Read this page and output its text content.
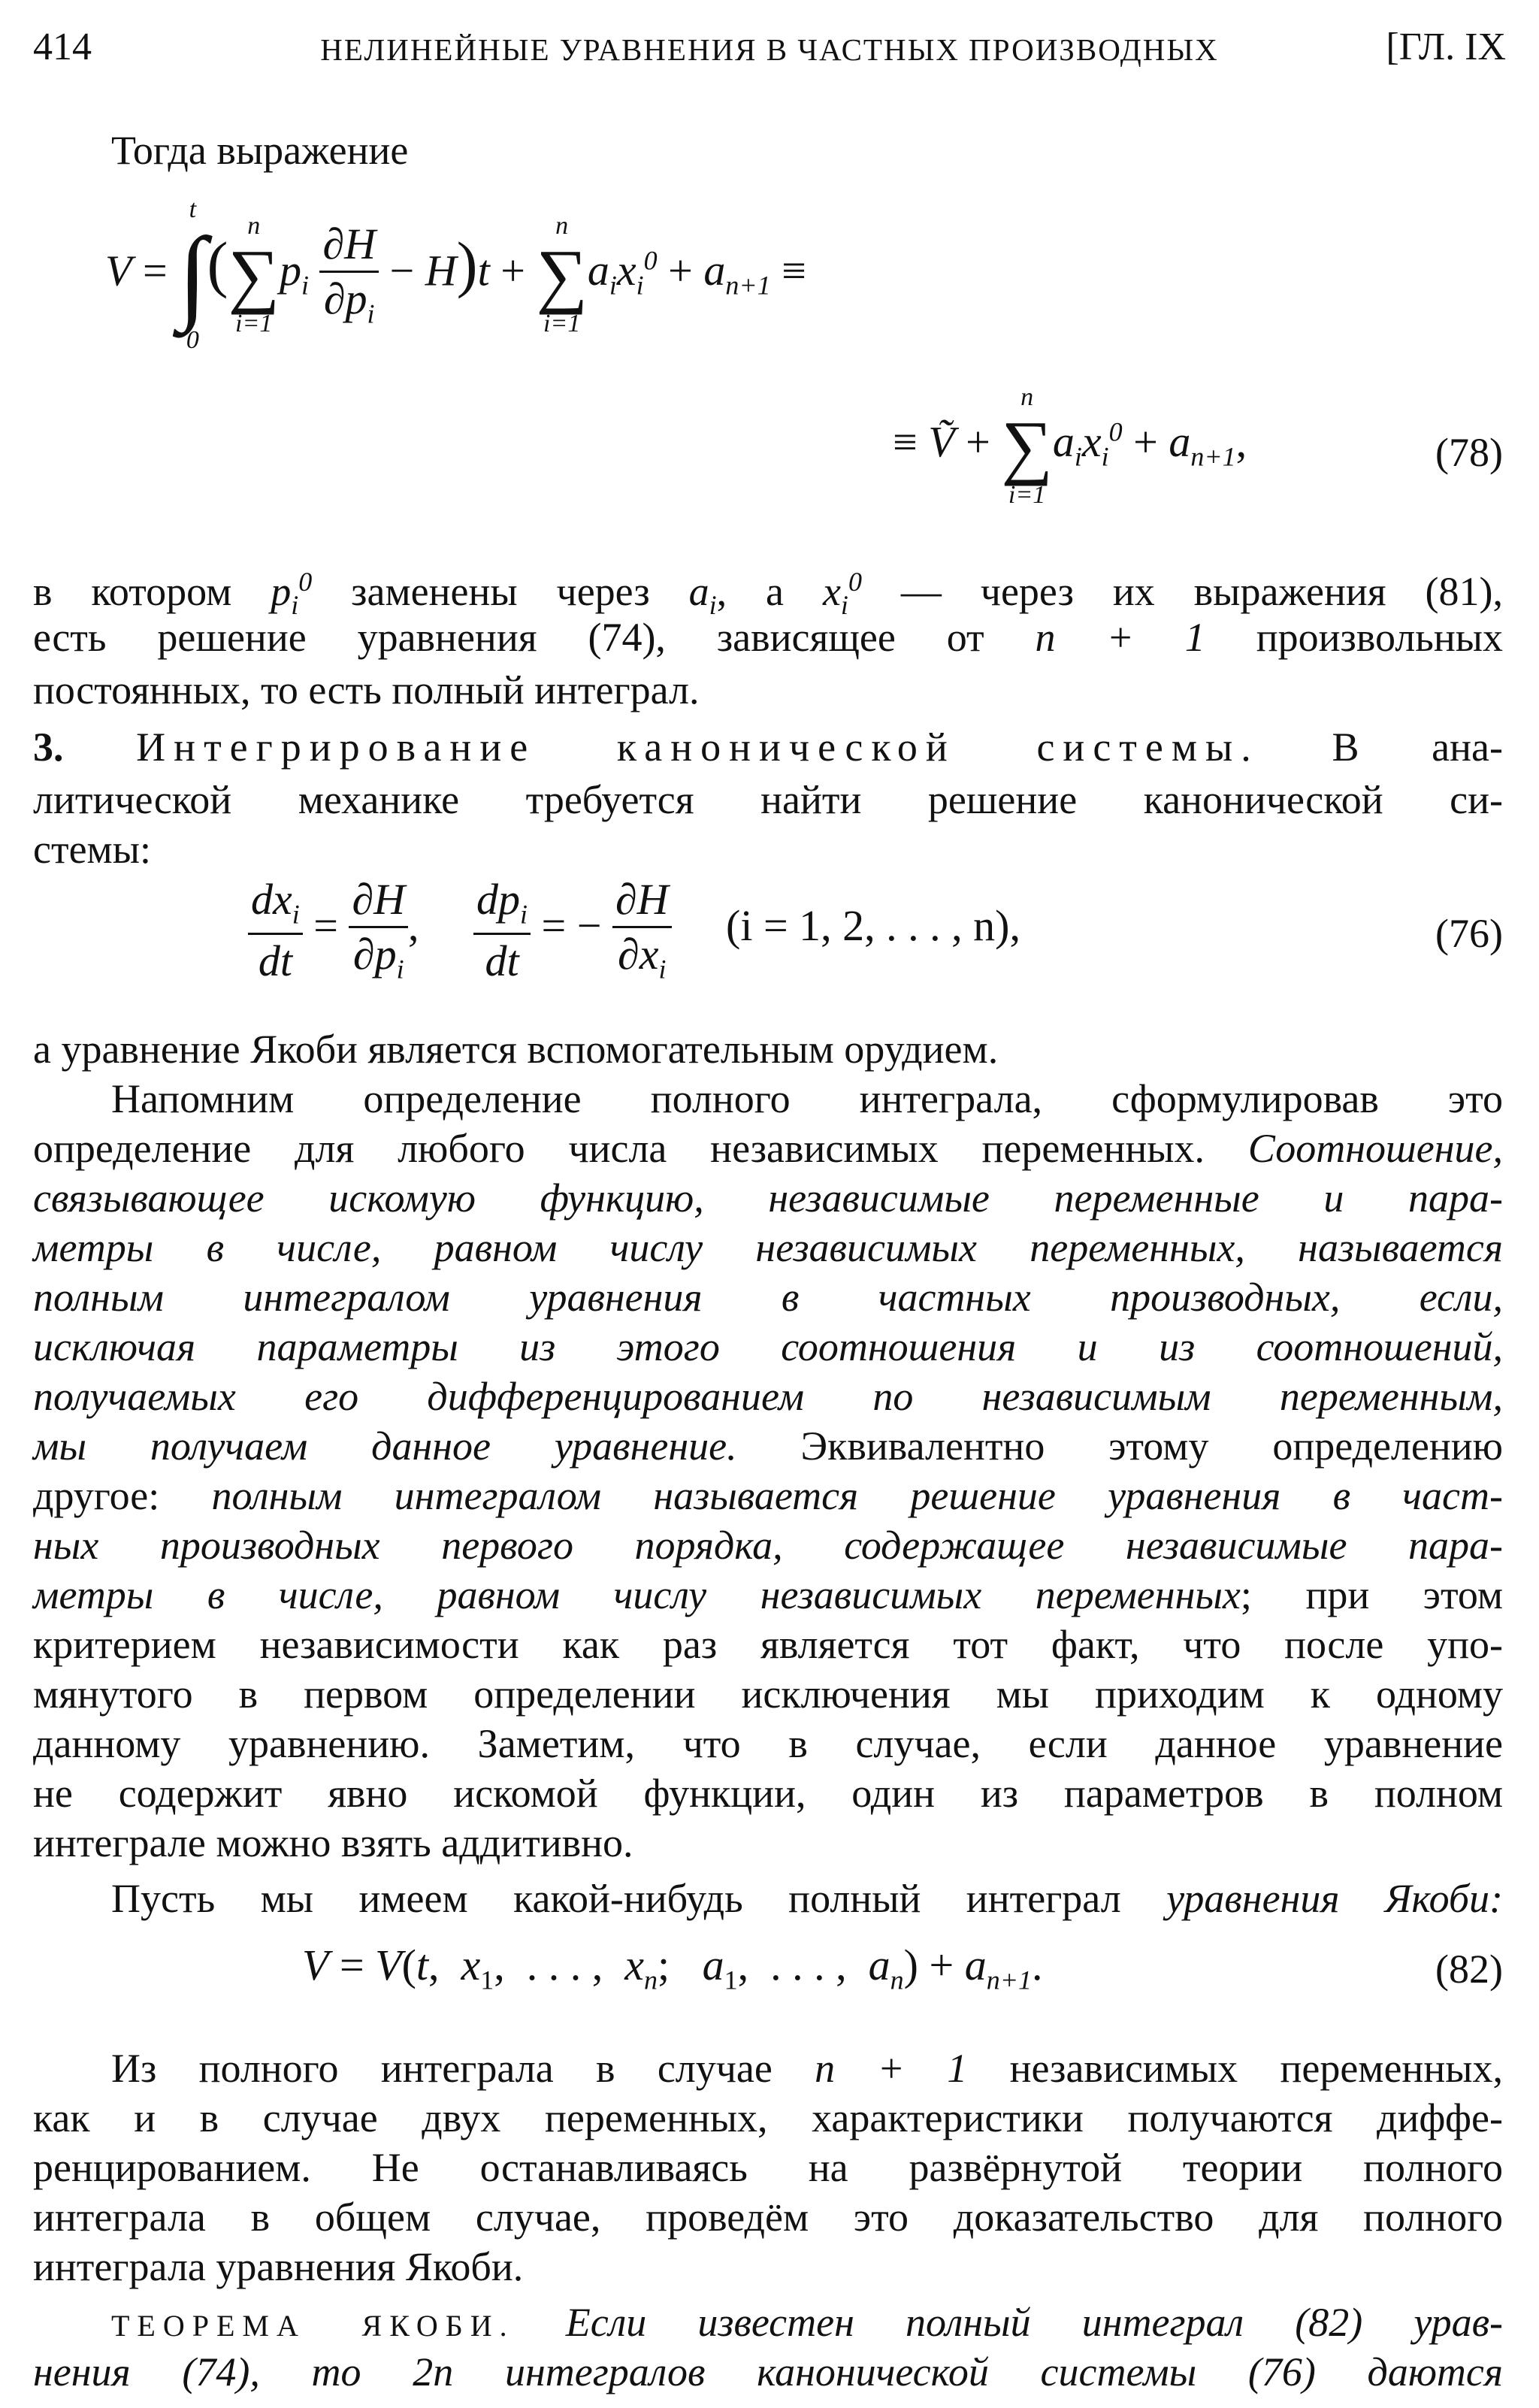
414	НЕЛИНЕЙНЫЕ УРАВНЕНИЯ В ЧАСТНЫХ ПРОИЗВОДНЫХ	[ГЛ. IX
Тогда выражение
V =
t
∫
0
(
n
∑
i=1
$p_i \frac{\partial H}{\partial p_i} - H)t$ +
n
∑
i=1
$a_ix_i^0 + a_{n+1}$ ≡
≡ Ṽ +
n
∑
i=1
$a_ix_i^0 + a_{n+1}$,	(78)
в котором $p_i^0$ заменены через $a_i$, а $x_i^0$ — через их выражения (81),
есть решение уравнения (74), зависящее от n + 1 произвольных
постоянных, то есть полный интеграл.
3. Интегрирование канонической системы. В ана-
литической механике требуется найти решение канонической си-
стемы:
$\frac{dx_i}{dt} = \frac{\partial H}{\partial p_i}$ , $\frac{dp_i}{dt}$ = − $\frac{\partial H}{\partial x_i} (i = 1$, 2, . . . , n),	(76)
а уравнение Якоби является вспомогательным орудием.
Напомним определение полного интеграла, сформулировав это
определение для любого числа независимых переменных. Соотношение,
связывающее искомую функцию, независимые переменные и пара-
метры в числе, равном числу независимых переменных, называется
полным интегралом уравнения в частных производных, если,
исключая параметры из этого соотношения и из соотношений,
получаемых его дифференцированием по независимым переменным,
мы получаем данное уравнение. Эквивалентно этому определению
другое: полным интегралом называется решение уравнения в част-
ных производных первого порядка, содержащее независимые пара-
метры в числе, равном числу независимых переменных; при этом
критерием независимости как раз является тот факт, что после упо-
мянутого в первом определении исключения мы приходим к одному
данному уравнению. Заметим, что в случае, если данное уравнение
не содержит явно искомой функции, один из параметров в полном
интеграле можно взять аддитивно.
Пусть мы имеем какой-нибудь полный интеграл уравнения Якоби:
V = V(t,  $x_1$,  . . . ,  $x_n$;   $a_1$,  . . . ,  $a_n) + a_{n+1}$.	(82)
Из полного интеграла в случае n + 1 независимых переменных,
как и в случае двух переменных, характеристики получаются диффе-
ренцированием. Не останавливаясь на развёрнутой теории полного
интеграла в общем случае, проведём это доказательство для полного
интеграла уравнения Якоби.
ТЕОРЕМА ЯКОБИ. Если известен полный интеграл (82) урав-
нения (74), то 2n интегралов канонической системы (76) даются
